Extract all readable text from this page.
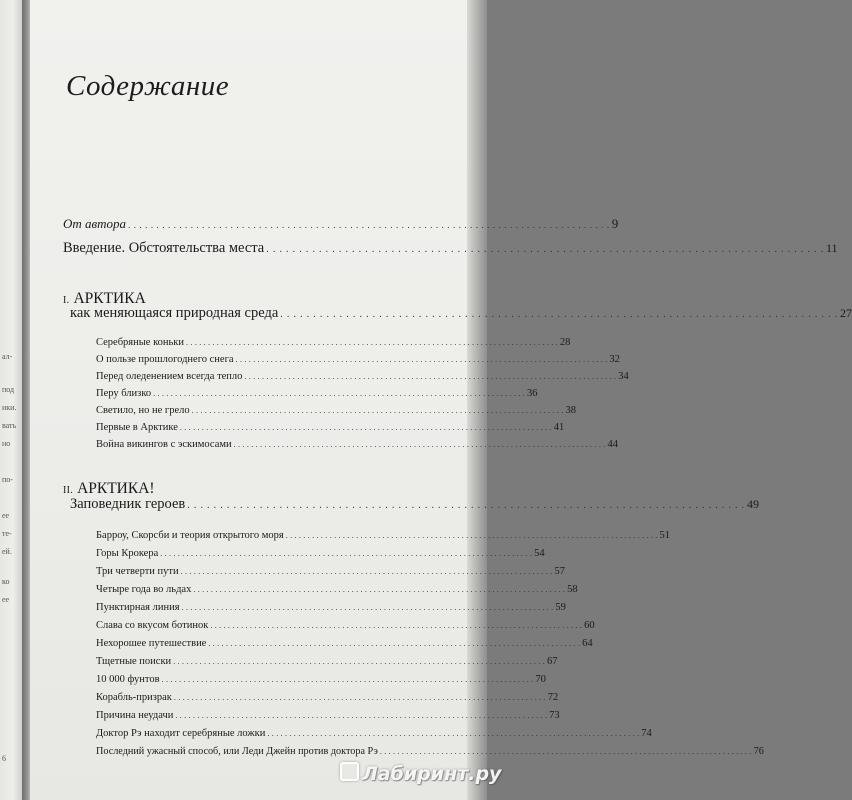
ал-
под
ики.
вать
но
по-
ее
те-
ей.
ко
ее
6
Содержание
От автора . . .	9
Введение. Обстоятельства места . . .	11
I. АРКТИКА
как меняющаяся природная среда . . .	27
Серебряные коньки . . .	28
О пользе прошлогоднего снега . . .	32
Перед оледенением всегда тепло . . .	34
Перу близко . . .	36
Светило, но не грело . . .	38
Первые в Арктике . . .	41
Война викингов с эскимосами . . .	44
II. АРКТИКА!
Заповедник героев . . .	49
Барроу, Скорсби и теория открытого моря . . .	51
Горы Крокера . . .	54
Три четверти пути . . .	57
Четыре года во льдах . . .	58
Пунктирная линия . . .	59
Слава со вкусом ботинок . . .	60
Нехорошее путешествие . . .	64
Тщетные поиски . . .	67
10 000 фунтов . . .	70
Корабль-призрак . . .	72
Причина неудачи . . .	73
Доктор Рэ находит серебряные ложки . . .	74
Последний ужасный способ, или Леди Джейн против доктора Рэ . . .	76
Лабиринт.ру
